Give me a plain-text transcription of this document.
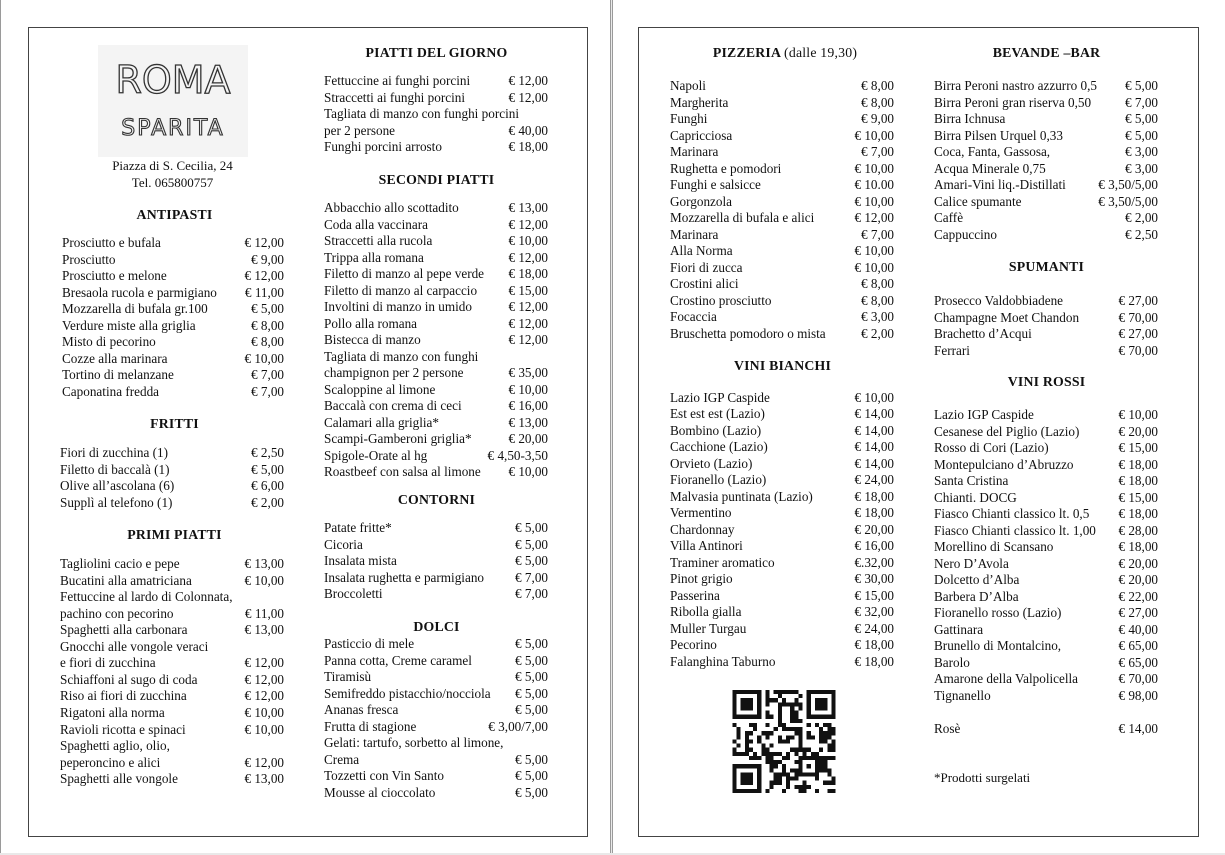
ROMA
SPARITA
Piazza di S. Cecilia, 24
Tel. 065800757
ANTIPASTI
Prosciutto e bufala	€ 12,00
Prosciutto	€ 9,00
Prosciutto e melone	€ 12,00
Bresaola rucola e parmigiano	€ 11,00
Mozzarella di bufala gr.100	€ 5,00
Verdure miste alla griglia	€ 8,00
Misto di pecorino	€ 8,00
Cozze alla marinara	€ 10,00
Tortino di melanzane	€ 7,00
Caponatina fredda	€ 7,00
FRITTI
Fiori di zucchina (1)	€ 2,50
Filetto di baccalà (1)	€ 5,00
Olive all’ascolana (6)	€ 6,00
Supplì al telefono (1)	€ 2,00
PRIMI PIATTI
Tagliolini cacio e pepe	€ 13,00
Bucatini alla amatriciana	€ 10,00
Fettuccine al lardo di Colonnata,
pachino con pecorino	€ 11,00
Spaghetti alla carbonara	€ 13,00
Gnocchi alle vongole veraci
e fiori di zucchina	€ 12,00
Schiaffoni al sugo di coda	€ 12,00
Riso ai fiori di zucchina	€ 12,00
Rigatoni alla norma	€ 10,00
Ravioli ricotta e spinaci	€ 10,00
Spaghetti aglio, olio,
peperoncino e alici	€ 12,00
Spaghetti alle vongole	€ 13,00
PIATTI DEL GIORNO
Fettuccine ai funghi porcini	€ 12,00
Straccetti ai funghi porcini	€ 12,00
Tagliata di manzo con funghi porcini
per 2 persone	€ 40,00
Funghi porcini arrosto	€ 18,00
SECONDI PIATTI
Abbacchio allo scottadito	€ 13,00
Coda alla vaccinara	€ 12,00
Straccetti alla rucola	€ 10,00
Trippa alla romana	€ 12,00
Filetto di manzo al pepe verde	€ 18,00
Filetto di manzo al carpaccio	€ 15,00
Involtini di manzo in umido	€ 12,00
Pollo alla romana	€ 12,00
Bistecca di manzo	€ 12,00
Tagliata di manzo con funghi
champignon per 2 persone	€ 35,00
Scaloppine al limone	€ 10,00
Baccalà con crema di ceci	€ 16,00
Calamari alla griglia*	€ 13,00
Scampi-Gamberoni griglia*	€ 20,00
Spigole-Orate al hg	€ 4,50-3,50
Roastbeef con salsa al limone	€ 10,00
CONTORNI
Patate fritte*	€ 5,00
Cicoria	€ 5,00
Insalata mista	€ 5,00
Insalata rughetta e parmigiano	€ 7,00
Broccoletti	€ 7,00
DOLCI
Pasticcio di mele	€ 5,00
Panna cotta, Creme caramel	€ 5,00
Tiramisù	€ 5,00
Semifreddo pistacchio/nocciola	€ 5,00
Ananas fresca	€ 5,00
Frutta di stagione	€ 3,00/7,00
Gelati: tartufo, sorbetto al limone,
Crema	€ 5,00
Tozzetti con Vin Santo	€ 5,00
Mousse al cioccolato	€ 5,00
Napoli	€ 8,00
Margherita	€ 8,00
Funghi	€ 9,00
Capricciosa	€ 10,00
Marinara	€ 7,00
Rughetta e pomodori	€ 10,00
Funghi e salsicce	€ 10.00
Gorgonzola	€ 10,00
Mozzarella di bufala e alici	€ 12,00
Marinara	€ 7,00
Alla Norma	€ 10,00
Fiori di zucca	€ 10,00
Crostini alici	€ 8,00
Crostino prosciutto	€ 8,00
Focaccia	€ 3,00
Bruschetta pomodoro o mista	€ 2,00
VINI BIANCHI
Lazio IGP Caspide	€ 10,00
Est est est (Lazio)	€ 14,00
Bombino (Lazio)	€ 14,00
Cacchione (Lazio)	€ 14,00
Orvieto (Lazio)	€ 14,00
Fioranello (Lazio)	€ 24,00
Malvasia puntinata (Lazio)	€ 18,00
Vermentino	€ 18,00
Chardonnay	€ 20,00
Villa Antinori	€ 16,00
Traminer aromatico	€.32,00
Pinot grigio	€ 30,00
Passerina	€ 15,00
Ribolla gialla	€ 32,00
Muller Turgau	€ 24,00
Pecorino	€ 18,00
Falanghina Taburno	€ 18,00
BEVANDE –BAR
Birra Peroni nastro azzurro 0,5	€ 5,00
Birra Peroni gran riserva 0,50	€ 7,00
Birra Ichnusa	€ 5,00
Birra Pilsen Urquel 0,33	€ 5,00
Coca, Fanta, Gassosa,	€ 3,00
Acqua Minerale 0,75	€ 3,00
Amari-Vini liq.-Distillati	€ 3,50/5,00
Calice spumante	€ 3,50/5,00
Caffè	€ 2,00
Cappuccino	€ 2,50
SPUMANTI
Prosecco Valdobbiadene	€ 27,00
Champagne Moet Chandon	€ 70,00
Brachetto d’Acqui	€ 27,00
Ferrari	€ 70,00
VINI ROSSI
Lazio IGP Caspide	€ 10,00
Cesanese del Piglio (Lazio)	€ 20,00
Rosso di Cori (Lazio)	€ 15,00
Montepulciano d’Abruzzo	€ 18,00
Santa Cristina	€ 18,00
Chianti. DOCG	€ 15,00
Fiasco Chianti classico lt. 0,5	€ 18,00
Fiasco Chianti classico lt. 1,00	€ 28,00
Morellino di Scansano	€ 18,00
Nero D’Avola	€ 20,00
Dolcetto d’Alba	€ 20,00
Barbera D’Alba	€ 22,00
Fioranello rosso (Lazio)	€ 27,00
Gattinara	€ 40,00
Brunello di Montalcino,	€ 65,00
Barolo	€ 65,00
Amarone della Valpolicella	€ 70,00
Tignanello	€ 98,00
PIZZERIA (dalle 19,30)
Rosè	€ 14,00
*Prodotti surgelati
